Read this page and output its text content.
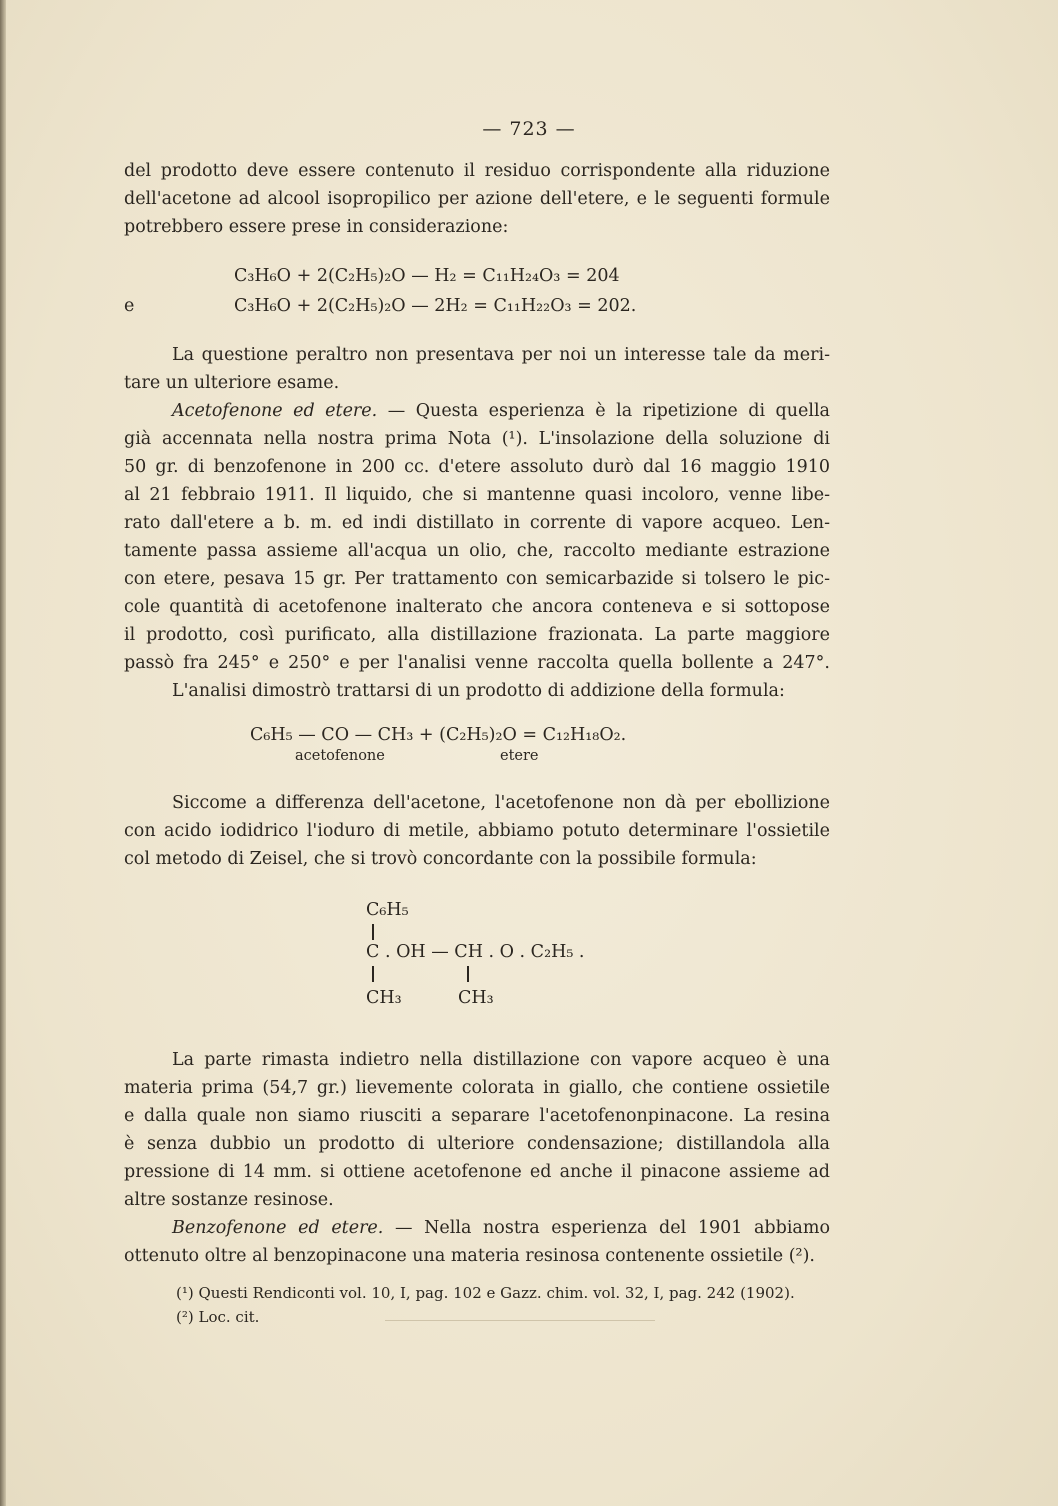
— 723 —
del prodotto deve essere contenuto il residuo corrispondente alla riduzione
dell'acetone ad alcool isopropilico per azione dell'etere, e le seguenti formule
potrebbero essere prese in considerazione:
C₃H₆O + 2(C₂H₅)₂O — H₂ = C₁₁H₂₄O₃ = 204
e	C₃H₆O + 2(C₂H₅)₂O — 2H₂ = C₁₁H₂₂O₃ = 202.
La questione peraltro non presentava per noi un interesse tale da meri-
tare un ulteriore esame.
Acetofenone ed etere. — Questa esperienza è la ripetizione di quella
già accennata nella nostra prima Nota (¹). L'insolazione della soluzione di
50 gr. di benzofenone in 200 cc. d'etere assoluto durò dal 16 maggio 1910
al 21 febbraio 1911. Il liquido, che si mantenne quasi incoloro, venne libe-
rato dall'etere a b. m. ed indi distillato in corrente di vapore acqueo. Len-
tamente passa assieme all'acqua un olio, che, raccolto mediante estrazione
con etere, pesava 15 gr. Per trattamento con semicarbazide si tolsero le pic-
cole quantità di acetofenone inalterato che ancora conteneva e si sottopose
il prodotto, così purificato, alla distillazione frazionata. La parte maggiore
passò fra 245° e 250° e per l'analisi venne raccolta quella bollente a 247°.
L'analisi dimostrò trattarsi di un prodotto di addizione della formula:
C₆H₅ — CO — CH₃ + (C₂H₅)₂O = C₁₂H₁₈O₂.
acetofenone	etere
Siccome a differenza dell'acetone, l'acetofenone non dà per ebollizione
con acido iodidrico l'ioduro di metile, abbiamo potuto determinare l'ossietile
col metodo di Zeisel, che si trovò concordante con la possibile formula:
C₆H₅
C . OH — CH . O . C₂H₅ .
CH₃	CH₃
La parte rimasta indietro nella distillazione con vapore acqueo è una
materia prima (54,7 gr.) lievemente colorata in giallo, che contiene ossietile
e dalla quale non siamo riusciti a separare l'acetofenonpinacone. La resina
è senza dubbio un prodotto di ulteriore condensazione; distillandola alla
pressione di 14 mm. si ottiene acetofenone ed anche il pinacone assieme ad
altre sostanze resinose.
Benzofenone ed etere. — Nella nostra esperienza del 1901 abbiamo
ottenuto oltre al benzopinacone una materia resinosa contenente ossietile (²).
(¹) Questi Rendiconti vol. 10, I, pag. 102 e Gazz. chim. vol. 32, I, pag. 242 (1902).
(²) Loc. cit.
